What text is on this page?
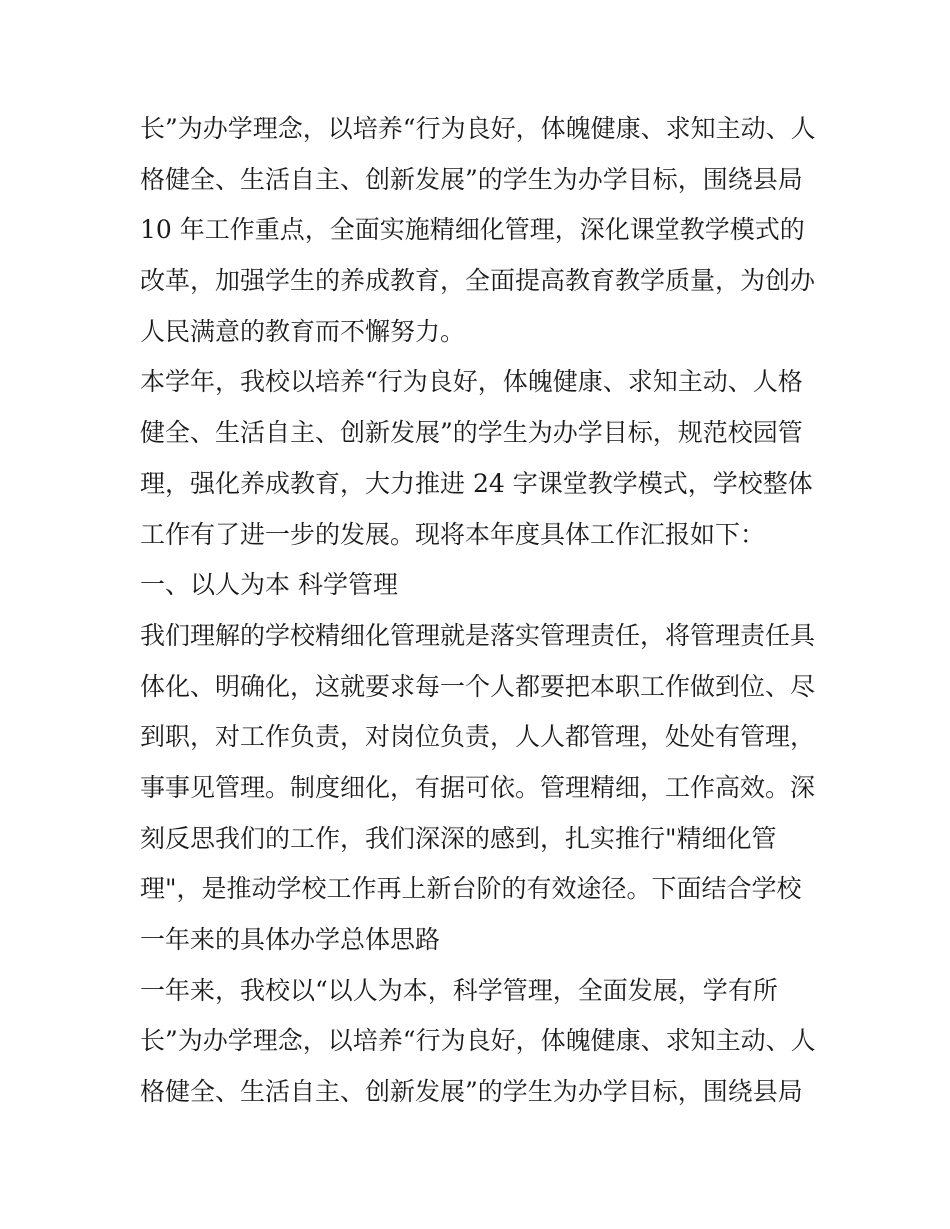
长”为办学理念，以培养“行为良好，体魄健康、求知主动、人
格健全、生活自主、创新发展”的学生为办学目标，围绕县局
10 年工作重点，全面实施精细化管理，深化课堂教学模式的
改革，加强学生的养成教育，全面提高教育教学质量，为创办
人民满意的教育而不懈努力。
本学年，我校以培养“行为良好，体魄健康、求知主动、人格
健全、生活自主、创新发展”的学生为办学目标，规范校园管
理，强化养成教育，大力推进 24 字课堂教学模式，学校整体
工作有了进一步的发展。现将本年度具体工作汇报如下：
一、以人为本 科学管理
我们理解的学校精细化管理就是落实管理责任，将管理责任具
体化、明确化，这就要求每一个人都要把本职工作做到位、尽
到职，对工作负责，对岗位负责，人人都管理，处处有管理，
事事见管理。制度细化，有据可依。管理精细，工作高效。深
刻反思我们的工作，我们深深的感到，扎实推行"精细化管
理"，是推动学校工作再上新台阶的有效途径。下面结合学校
一年来的具体办学总体思路
一年来，我校以“以人为本，科学管理，全面发展，学有所
长”为办学理念，以培养“行为良好，体魄健康、求知主动、人
格健全、生活自主、创新发展”的学生为办学目标，围绕县局
